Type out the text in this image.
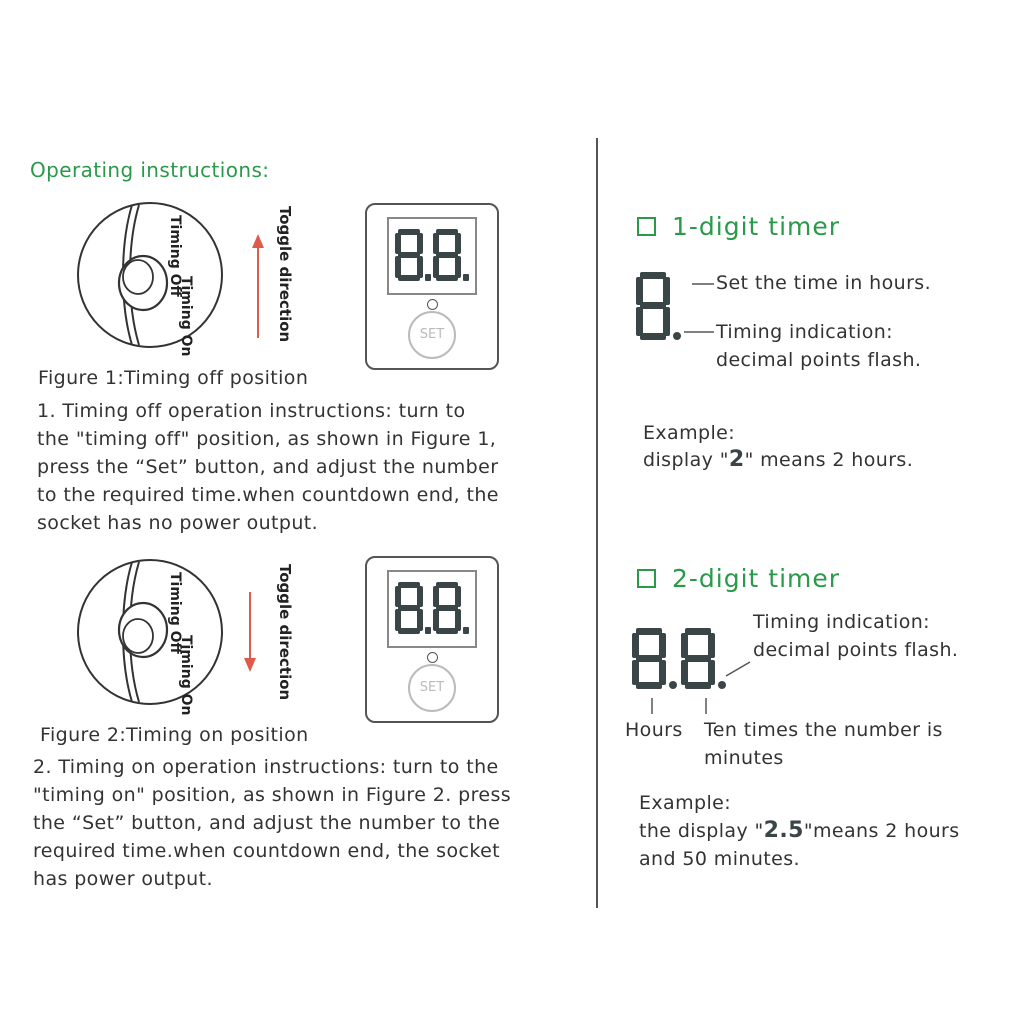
Operating instructions:
Timing Off
Timing On	Toggle direction	SET
Figure 1:Timing off position
1. Timing off operation instructions: turn to
the "timing off" position, as shown in Figure 1,
press the “Set” button, and adjust the number
to the required time.when countdown end, the
socket has no power output.
Timing Off
Timing On	Toggle direction	SET
Figure 2:Timing on position
2. Timing on operation instructions: turn to the
"timing on" position, as shown in Figure 2. press
the “Set” button, and adjust the number to the
required time.when countdown end, the socket
has power output.
1-digit timer
Set the time in hours.
Timing indication:
decimal points flash.
Example:
display "2" means 2 hours.
2-digit timer
Timing indication:
decimal points flash.
Hours Ten times the number is
minutes
Example:
the display "2.5"means 2 hours
and 50 minutes.
